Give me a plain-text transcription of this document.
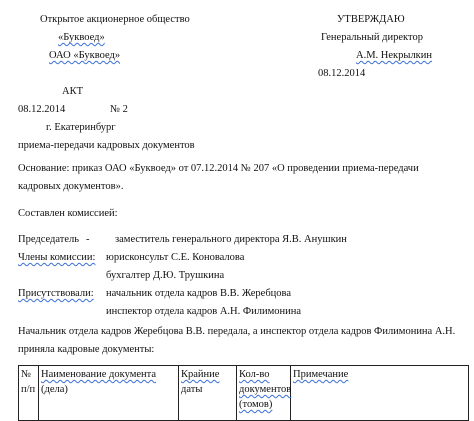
Открытое акционерное общество
«Буквоед»
ОАО «Буквоед»
УТВЕРЖДАЮ
Генеральный директор
А.М. Некрылкин
08.12.2014
АКТ
08.12.2014	№ 2
г. Екатеринбург
приема-передачи кадровых документов
Основание: приказ ОАО «Буквоед» от 07.12.2014 № 207 «О проведении приема-передачи
кадровых документов».
Составлен комиссией:
Председатель - заместитель генерального директора Я.В. Анушкин
Члены комиссии: юрисконсульт С.Е. Коновалова
бухгалтер Д.Ю. Трушкина
Присутствовали: начальник отдела кадров В.В. Жеребцова
инспектор отдела кадров А.Н. Филимонина
Начальник отдела кадров Жеребцова В.В. передала, а инспектор отдела кадров Филимонина А.Н.
приняла кадровые документы:
№
п/п

Наименование документа
(дела)

Крайние
даты

Кол-во
документов
(томов)

Примечание
